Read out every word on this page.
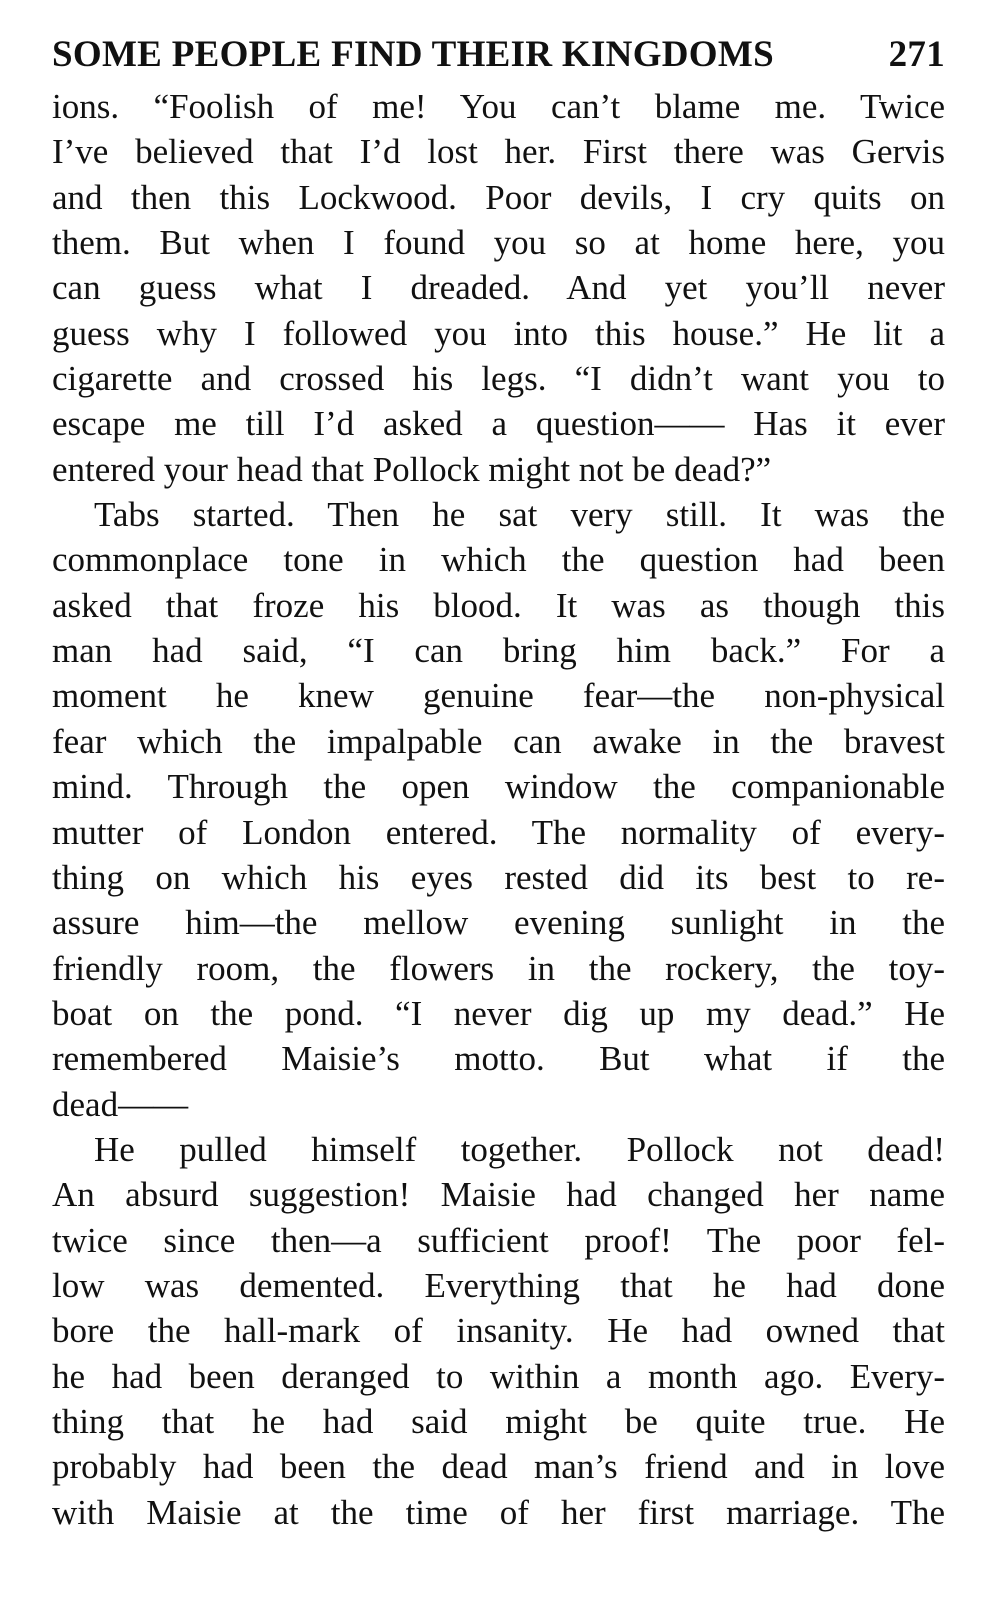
SOME PEOPLE FIND THEIR KINGDOMS	271
ions. “Foolish of me! You can’t blame me. Twice
I’ve believed that I’d lost her. First there was Gervis
and then this Lockwood. Poor devils, I cry quits on
them. But when I found you so at home here, you
can guess what I dreaded. And yet you’ll never
guess why I followed you into this house.” He lit a
cigarette and crossed his legs. “I didn’t want you to
escape me till I’d asked a question—— Has it ever
entered your head that Pollock might not be dead?”
Tabs started. Then he sat very still. It was the
commonplace tone in which the question had been
asked that froze his blood. It was as though this
man had said, “I can bring him back.” For a
moment he knew genuine fear—the non-physical
fear which the impalpable can awake in the bravest
mind. Through the open window the companionable
mutter of London entered. The normality of every-
thing on which his eyes rested did its best to re-
assure him—the mellow evening sunlight in the
friendly room, the flowers in the rockery, the toy-
boat on the pond. “I never dig up my dead.” He
remembered Maisie’s motto. But what if the
dead——
He pulled himself together. Pollock not dead!
An absurd suggestion! Maisie had changed her name
twice since then—a sufficient proof! The poor fel-
low was demented. Everything that he had done
bore the hall-mark of insanity. He had owned that
he had been deranged to within a month ago. Every-
thing that he had said might be quite true. He
probably had been the dead man’s friend and in love
with Maisie at the time of her first marriage. The
